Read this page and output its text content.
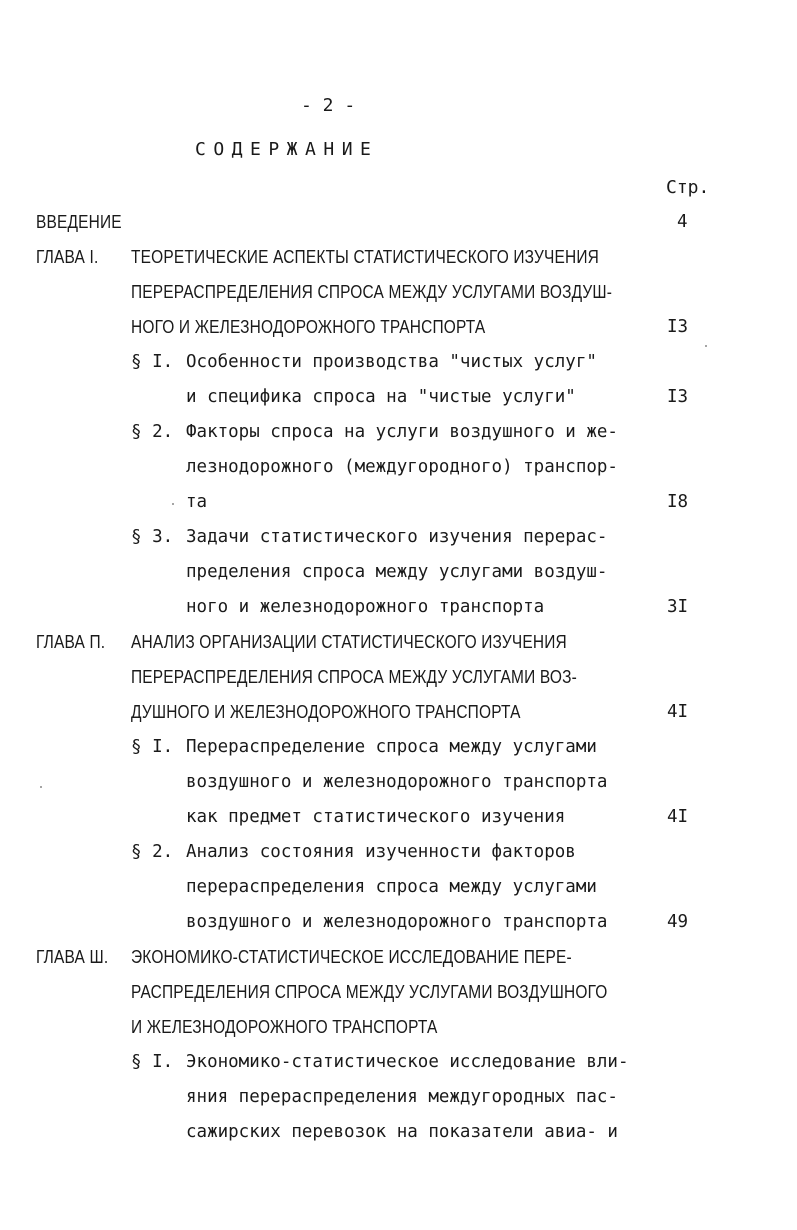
- 2 -
СОДЕРЖАНИЕ
Стр.
ВВЕДЕНИЕ	4
ГЛАВА I. ТЕОРЕТИЧЕСКИЕ АСПЕКТЫ СТАТИСТИЧЕСКОГО ИЗУЧЕНИЯ
ПЕРЕРАСПРЕДЕЛЕНИЯ СПРОСА МЕЖДУ УСЛУГАМИ ВОЗДУШ-
НОГО И ЖЕЛЕЗНОДОРОЖНОГО ТРАНСПОРТА	I3
§ I. Особенности производства "чистых услуг"
и специфика спроса на "чистые услуги"	I3
§ 2. Факторы спроса на услуги воздушного и же-
лезнодорожного (междугородного) транспор-
та	I8
§ 3. Задачи статистического изучения перерас-
пределения спроса между услугами воздуш-
ного и железнодорожного транспорта	3I
ГЛАВА П. АНАЛИЗ ОРГАНИЗАЦИИ СТАТИСТИЧЕСКОГО ИЗУЧЕНИЯ
ПЕРЕРАСПРЕДЕЛЕНИЯ СПРОСА МЕЖДУ УСЛУГАМИ ВОЗ-
ДУШНОГО И ЖЕЛЕЗНОДОРОЖНОГО ТРАНСПОРТА	4I
§ I. Перераспределение спроса между услугами
воздушного и железнодорожного транспорта
как предмет статистического изучения	4I
§ 2. Анализ состояния изученности факторов
перераспределения спроса между услугами
воздушного и железнодорожного транспорта	49
ГЛАВА Ш. ЭКОНОМИКО-СТАТИСТИЧЕСКОЕ ИССЛЕДОВАНИЕ ПЕРЕ-
РАСПРЕДЕЛЕНИЯ СПРОСА МЕЖДУ УСЛУГАМИ ВОЗДУШНОГО
И ЖЕЛЕЗНОДОРОЖНОГО ТРАНСПОРТА
§ I. Экономико-статистическое исследование вли-
яния перераспределения междугородных пас-
сажирских перевозок на показатели авиа- и
